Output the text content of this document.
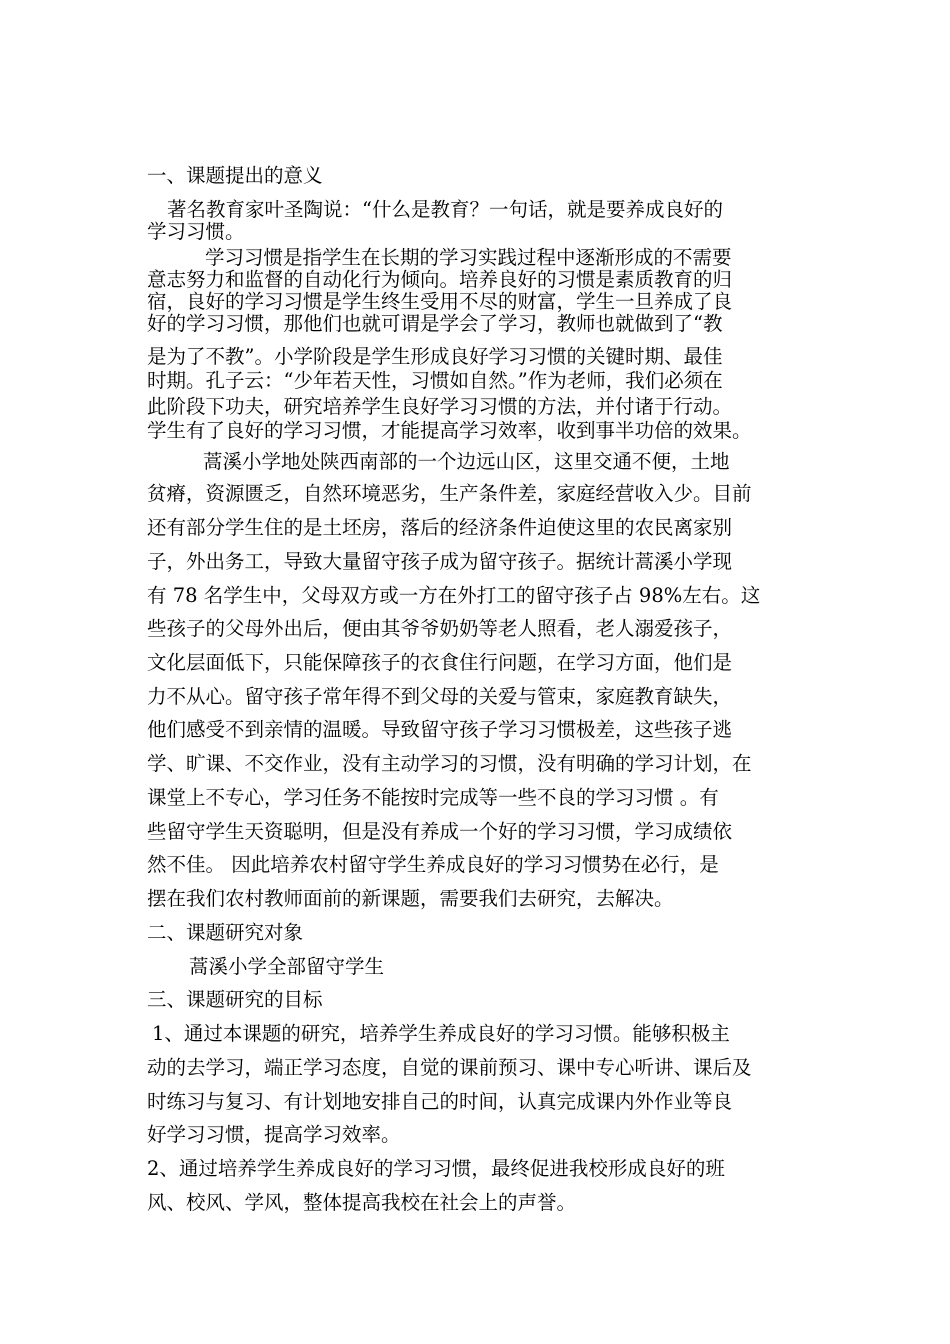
一、课题提出的意义
著名教育家叶圣陶说：“什么是教育？一句话，就是要养成良好的
学习习惯。
学习习惯是指学生在长期的学习实践过程中逐渐形成的不需要
意志努力和监督的自动化行为倾向。培养良好的习惯是素质教育的归
宿，良好的学习习惯是学生终生受用不尽的财富，学生一旦养成了良
好的学习习惯，那他们也就可谓是学会了学习，教师也就做到了“教
是为了不教”。小学阶段是学生形成良好学习习惯的关键时期、最佳
时期。孔子云：“少年若天性，习惯如自然。”作为老师，我们必须在
此阶段下功夫，研究培养学生良好学习习惯的方法，并付诸于行动。
学生有了良好的学习习惯，才能提高学习效率，收到事半功倍的效果。
蒿溪小学地处陕西南部的一个边远山区，这里交通不便，土地
贫瘠，资源匮乏，自然环境恶劣，生产条件差，家庭经营收入少。目前
还有部分学生住的是土坯房，落后的经济条件迫使这里的农民离家别
子，外出务工，导致大量留守孩子成为留守孩子。据统计蒿溪小学现
有 78 名学生中，父母双方或一方在外打工的留守孩子占 98%左右。这
些孩子的父母外出后，便由其爷爷奶奶等老人照看，老人溺爱孩子，
文化层面低下，只能保障孩子的衣食住行问题，在学习方面，他们是
力不从心。留守孩子常年得不到父母的关爱与管束，家庭教育缺失，
他们感受不到亲情的温暖。导致留守孩子学习习惯极差，这些孩子逃
学、旷课、不交作业，没有主动学习的习惯，没有明确的学习计划，在
课堂上不专心，学习任务不能按时完成等一些不良的学习习惯 。有
些留守学生天资聪明，但是没有养成一个好的学习习惯，学习成绩依
然不佳。 因此培养农村留守学生养成良好的学习习惯势在必行，是
摆在我们农村教师面前的新课题，需要我们去研究，去解决。
二、课题研究对象
蒿溪小学全部留守学生
三、课题研究的目标
1、通过本课题的研究，培养学生养成良好的学习习惯。能够积极主
动的去学习，端正学习态度，自觉的课前预习、课中专心听讲、课后及
时练习与复习、有计划地安排自己的时间，认真完成课内外作业等良
好学习习惯，提高学习效率。
2、通过培养学生养成良好的学习习惯，最终促进我校形成良好的班
风、校风、学风，整体提高我校在社会上的声誉。
